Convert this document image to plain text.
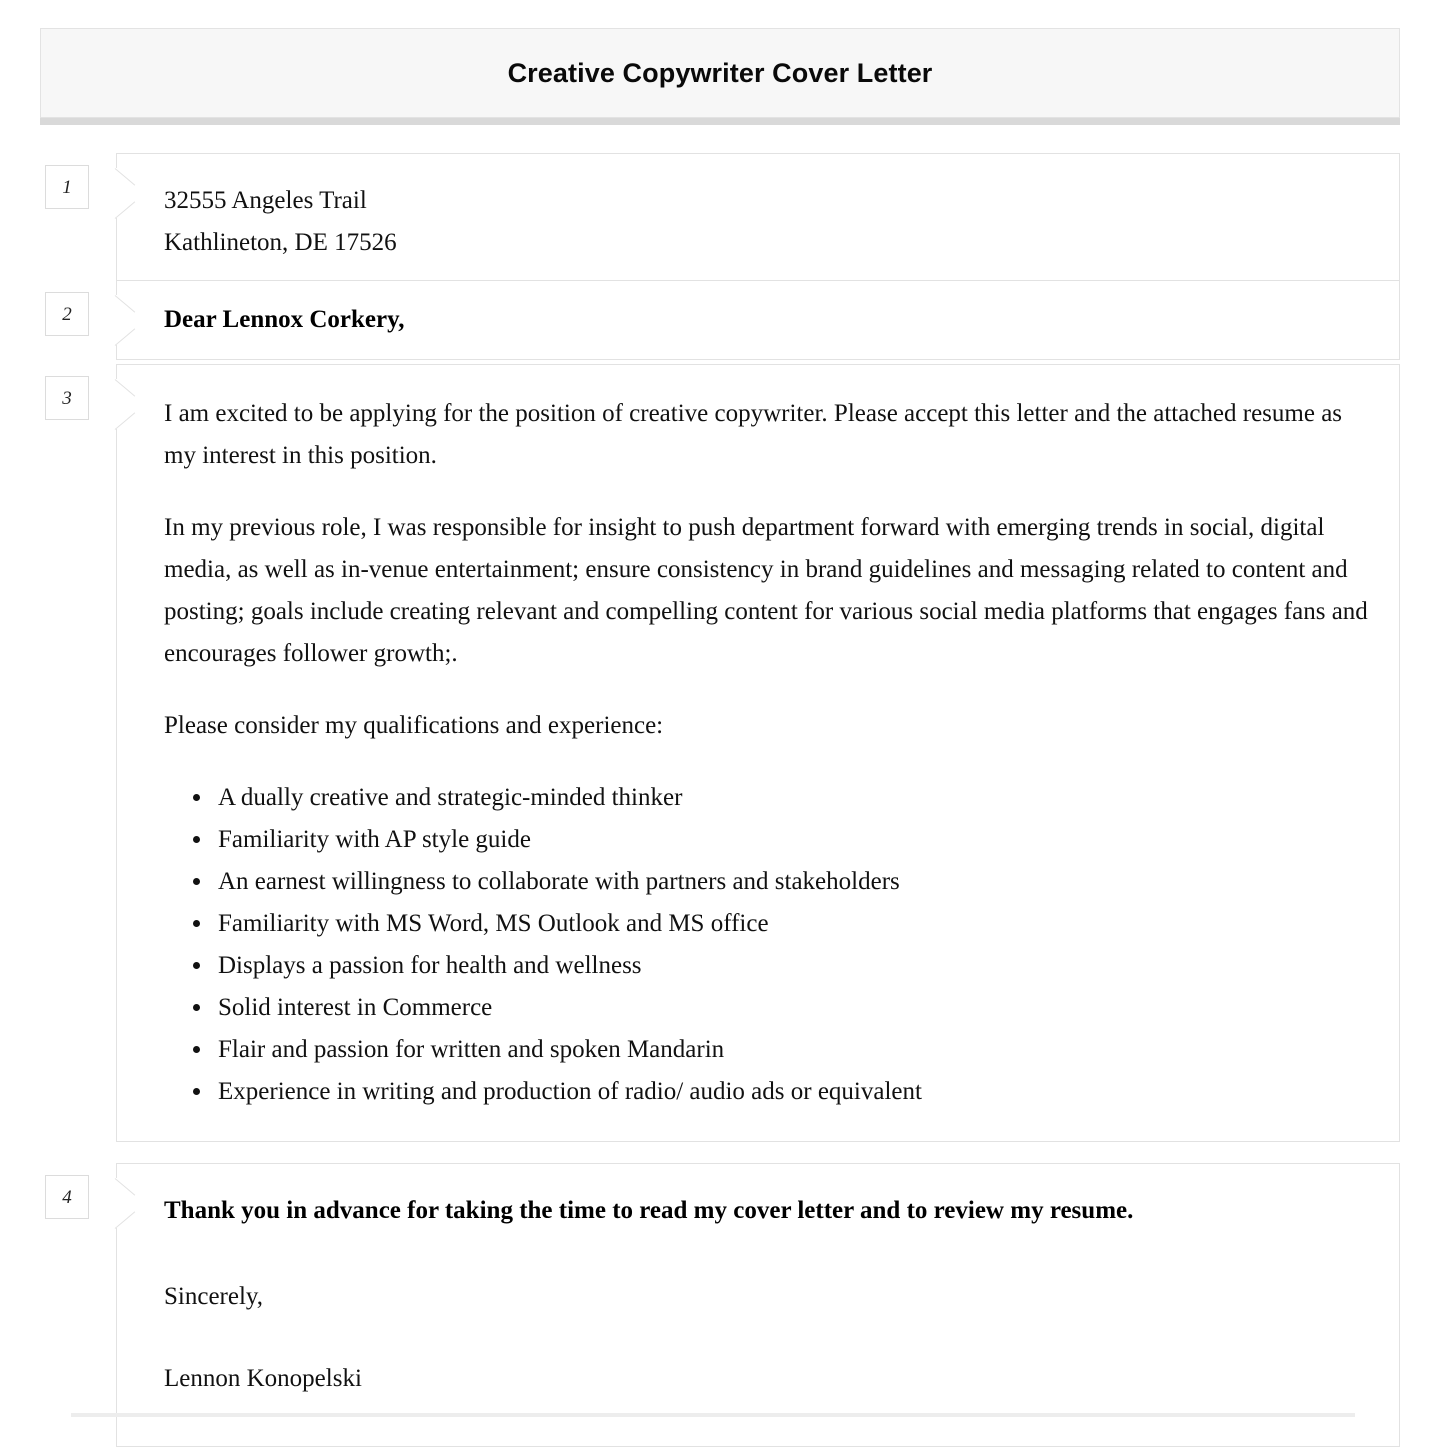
Creative Copywriter Cover Letter
1	32555 Angeles Trail
Kathlineton, DE 17526
2	Dear Lennox Corkery,
3

I am excited to be applying for the position of creative copywriter. Please accept this letter and the attached resume as my interest in this position.

In my previous role, I was responsible for insight to push department forward with emerging trends in social, digital media, as well as in-venue entertainment; ensure consistency in brand guidelines and messaging related to content and posting; goals include creating relevant and compelling content for various social media platforms that engages fans and encourages follower growth;.

Please consider my qualifications and experience:

• A dually creative and strategic-minded thinker
• Familiarity with AP style guide
• An earnest willingness to collaborate with partners and stakeholders
• Familiarity with MS Word, MS Outlook and MS office
• Displays a passion for health and wellness
• Solid interest in Commerce
• Flair and passion for written and spoken Mandarin
• Experience in writing and production of radio/ audio ads or equivalent
4	Thank you in advance for taking the time to read my cover letter and to review my resume.
Sincerely,
Lennon Konopelski
